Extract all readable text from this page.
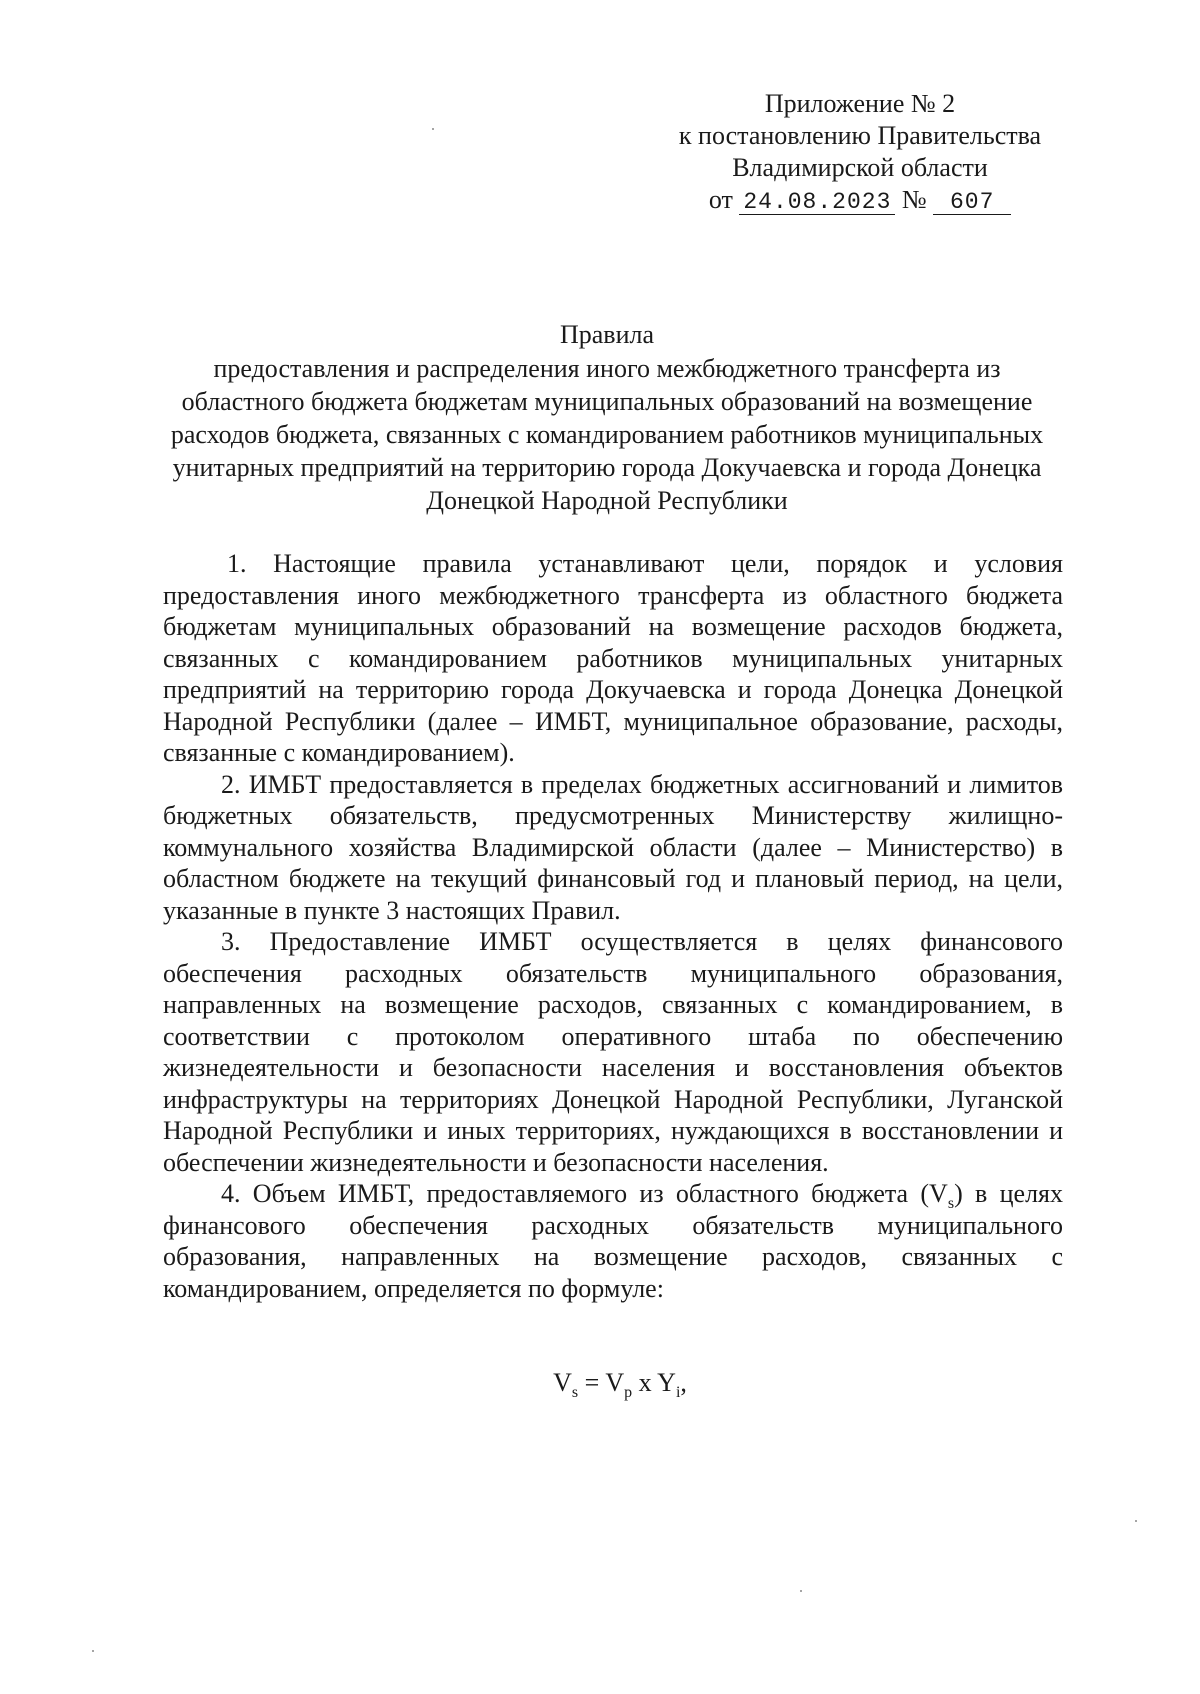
Приложение № 2
к постановлению Правительства
Владимирской области
от 24.08.2023 № 607
Правила
предоставления и распределения иного межбюджетного трансферта из областного бюджета бюджетам муниципальных образований на возмещение расходов бюджета, связанных с командированием работников муниципальных унитарных предприятий на территорию города Докучаевска и города Донецка Донецкой Народной Республики

1. Настоящие правила устанавливают цели, порядок и условия предоставления иного межбюджетного трансферта из областного бюджета бюджетам муниципальных образований на возмещение расходов бюджета, связанных с командированием работников муниципальных унитарных предприятий на территорию города Докучаевска и города Донецка Донецкой Народной Республики (далее – ИМБТ, муниципальное образование, расходы, связанные с командированием).

2. ИМБТ предоставляется в пределах бюджетных ассигнований и лимитов бюджетных обязательств, предусмотренных Министерству жилищно-коммунального хозяйства Владимирской области (далее – Министерство) в областном бюджете на текущий финансовый год и плановый период, на цели, указанные в пункте 3 настоящих Правил.

3. Предоставление ИМБТ осуществляется в целях финансового обеспечения расходных обязательств муниципального образования, направленных на возмещение расходов, связанных с командированием, в соответствии с протоколом оперативного штаба по обеспечению жизнедеятельности и безопасности населения и восстановления объектов инфраструктуры на территориях Донецкой Народной Республики, Луганской Народной Республики и иных территориях, нуждающихся в восстановлении и обеспечении жизнедеятельности и безопасности населения.

4. Объем ИМБТ, предоставляемого из областного бюджета $(V_s)$ в целях финансового обеспечения расходных обязательств муниципального образования, направленных на возмещение расходов, связанных с командированием, определяется по формуле:

$V_s = V_p$ x $Y_i$,
